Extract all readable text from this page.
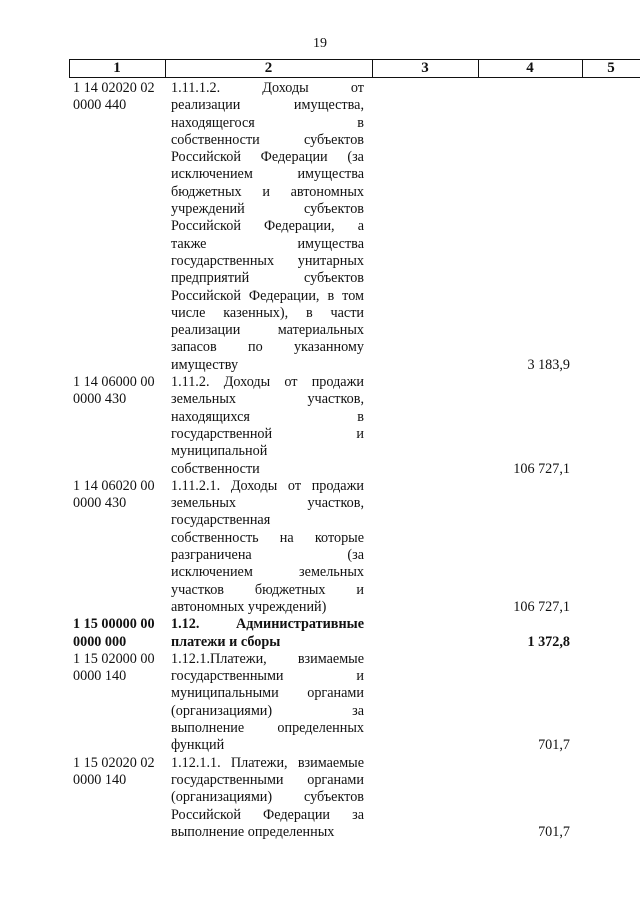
19
1	2	3	4	5
1 14 02020 02
0000 440
1.11.1.2. Доходы от
реализации имущества,
находящегося в
собственности субъектов
Российской Федерации (за
исключением имущества
бюджетных и автономных
учреждений субъектов
Российской Федерации, а
также имущества
государственных унитарных
предприятий субъектов
Российской Федерации, в том
числе казенных), в части
реализации материальных
запасов по указанному
имуществу	3 183,9
1 14 06000 00
0000 430
1.11.2. Доходы от продажи
земельных участков,
находящихся в
государственной и
муниципальной
собственности	106 727,1
1 14 06020 00
0000 430
1.11.2.1. Доходы от продажи
земельных участков,
государственная
собственность на которые
разграничена (за
исключением земельных
участков бюджетных и
автономных учреждений)	106 727,1
1 15 00000 00
0000 000
1.12. Административные
платежи и сборы	1 372,8
1 15 02000 00
0000 140
1.12.1.Платежи, взимаемые
государственными и
муниципальными органами
(организациями) за
выполнение определенных
функций	701,7
1 15 02020 02
0000 140
1.12.1.1. Платежи, взимаемые
государственными органами
(организациями) субъектов
Российской Федерации за
выполнение определенных	701,7
